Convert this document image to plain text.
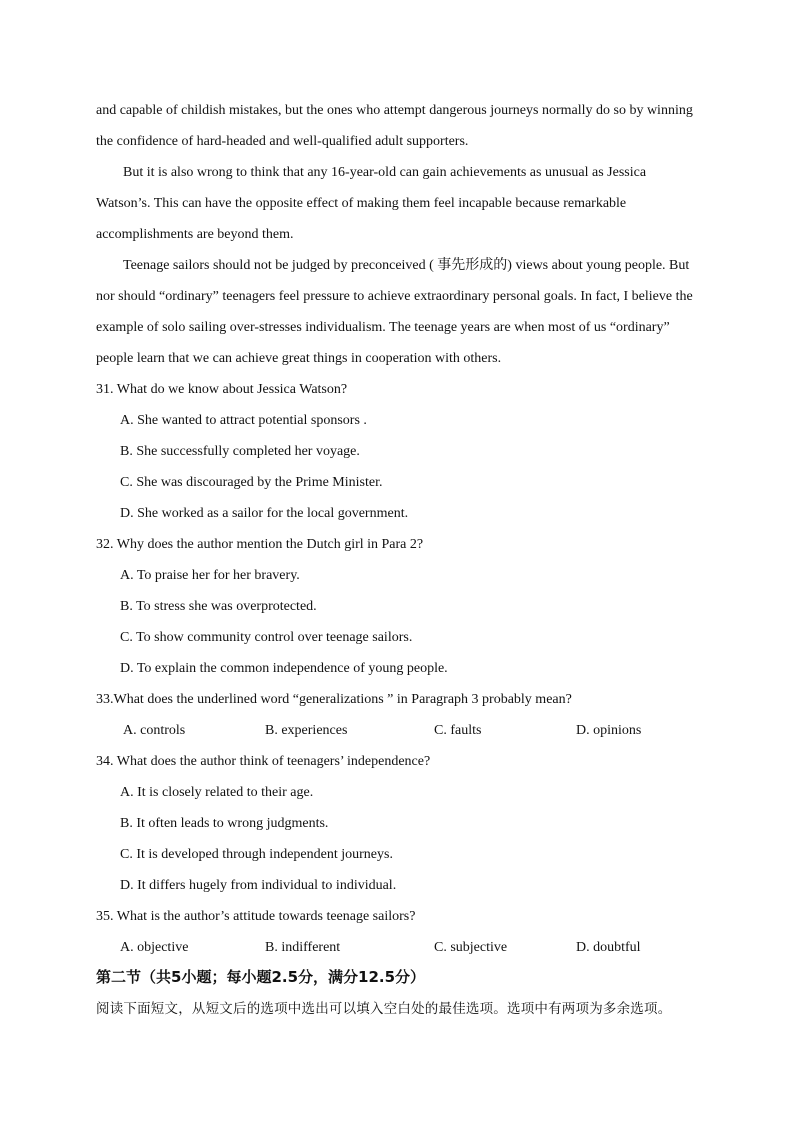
and capable of childish mistakes, but the ones who attempt dangerous journeys normally do so by winning
the confidence of hard-headed and well-qualified adult supporters.
But it is also wrong to think that any 16-year-old can gain achievements as unusual as Jessica
Watson’s. This can have the opposite effect of making them feel incapable because remarkable
accomplishments are beyond them.
Teenage sailors should not be judged by preconceived ( 事先形成的) views about young people. But
nor should “ordinary” teenagers feel pressure to achieve extraordinary personal goals. In fact, I believe the
example of solo sailing over-stresses individualism. The teenage years are when most of us “ordinary”
people learn that we can achieve great things in cooperation with others.
31. What do we know about Jessica Watson?
A. She wanted to attract potential sponsors .
B. She successfully completed her voyage.
C. She was discouraged by the Prime Minister.
D. She worked as a sailor for the local government.
32. Why does the author mention the Dutch girl in Para 2?
A. To praise her for her bravery.
B. To stress she was overprotected.
C. To show community control over teenage sailors.
D. To explain the common independence of young people.
33.What does the underlined word “generalizations ” in Paragraph 3 probably mean?
A. controls	B. experiences	C. faults	D. opinions
34. What does the author think of teenagers’ independence?
A. It is closely related to their age.
B. It often leads to wrong judgments.
C. It is developed through independent journeys.
D. It differs hugely from individual to individual.
35. What is the author’s attitude towards teenage sailors?
A. objective	B. indifferent	C. subjective	D. doubtful
第二节（共5小题；每小题2.5分，满分12.5分）
阅读下面短文，从短文后的选项中选出可以填入空白处的最佳选项。选项中有两项为多余选项。
